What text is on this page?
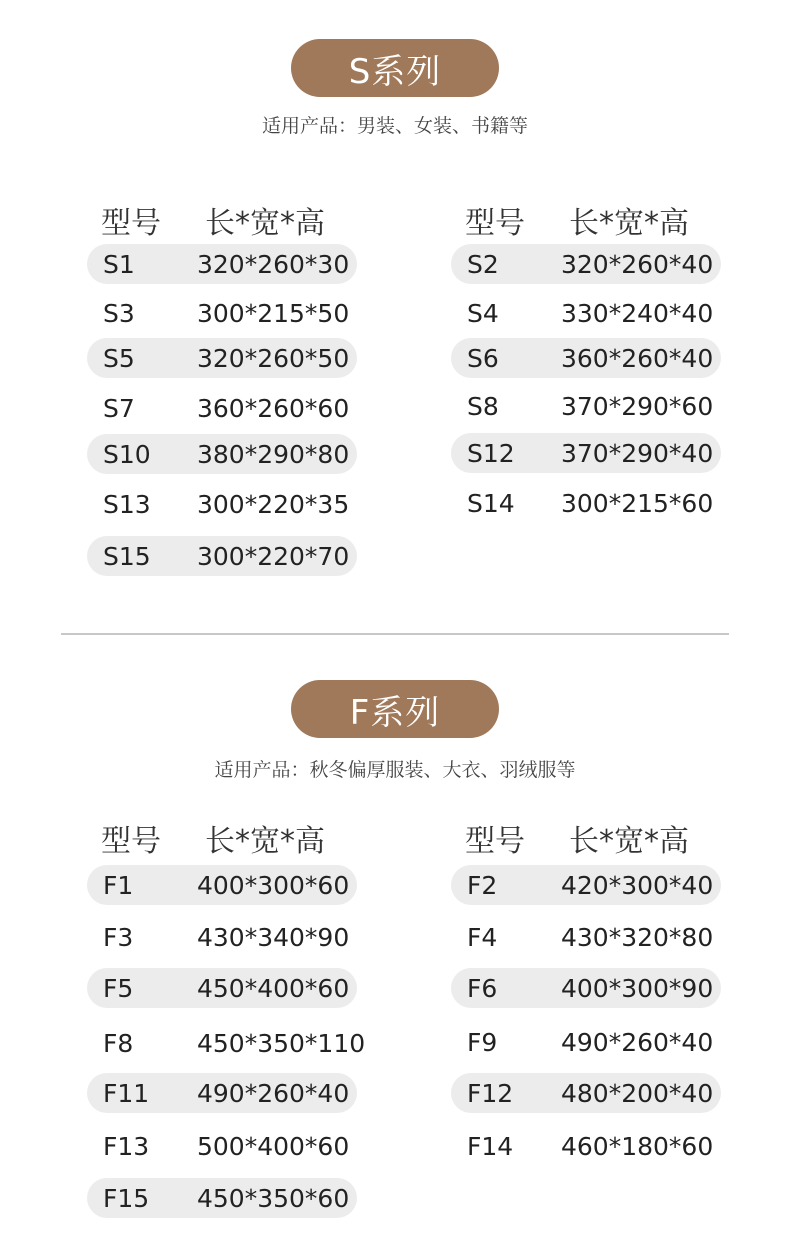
S系列
适用产品：男装、女装、书籍等
型号 长*宽*高
S1 320*260*30
S3 300*215*50
S5 320*260*50
S7 360*260*60
S10 380*290*80
S13 300*220*35
S15 300*220*70
型号 长*宽*高
S2 320*260*40
S4 330*240*40
S6 360*260*40
S8 370*290*60
S12 370*290*40
S14 300*215*60
F系列
适用产品：秋冬偏厚服装、大衣、羽绒服等
型号 长*宽*高
F1	400*300*60
F3	430*340*90
F5	450*400*60
F8	450*350*110
F11 490*260*40
F13 500*400*60
F15 450*350*60
型号 长*宽*高
F2	420*300*40
F4	430*320*80
F6	400*300*90
F9	490*260*40
F12 480*200*40
F14 460*180*60
